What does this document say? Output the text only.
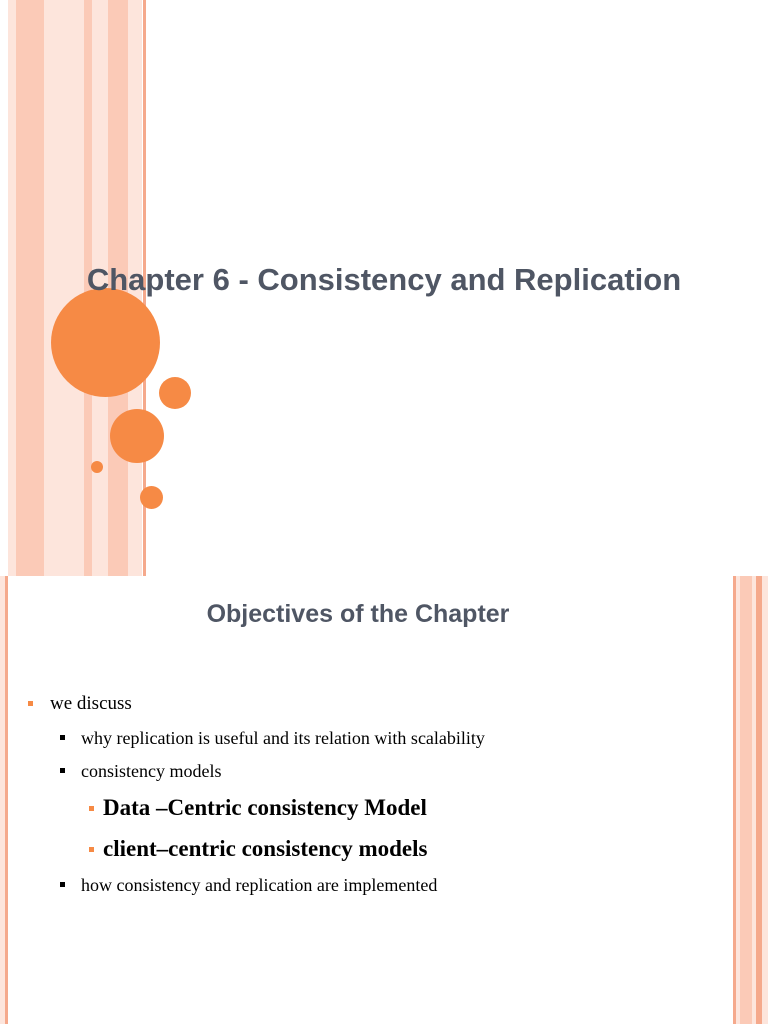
Chapter 6 - Consistency and Replication
Objectives of the Chapter
we discuss
why replication is useful and its relation with scalability
consistency models
Data –Centric consistency Model
client–centric consistency models
how consistency and replication are implemented
